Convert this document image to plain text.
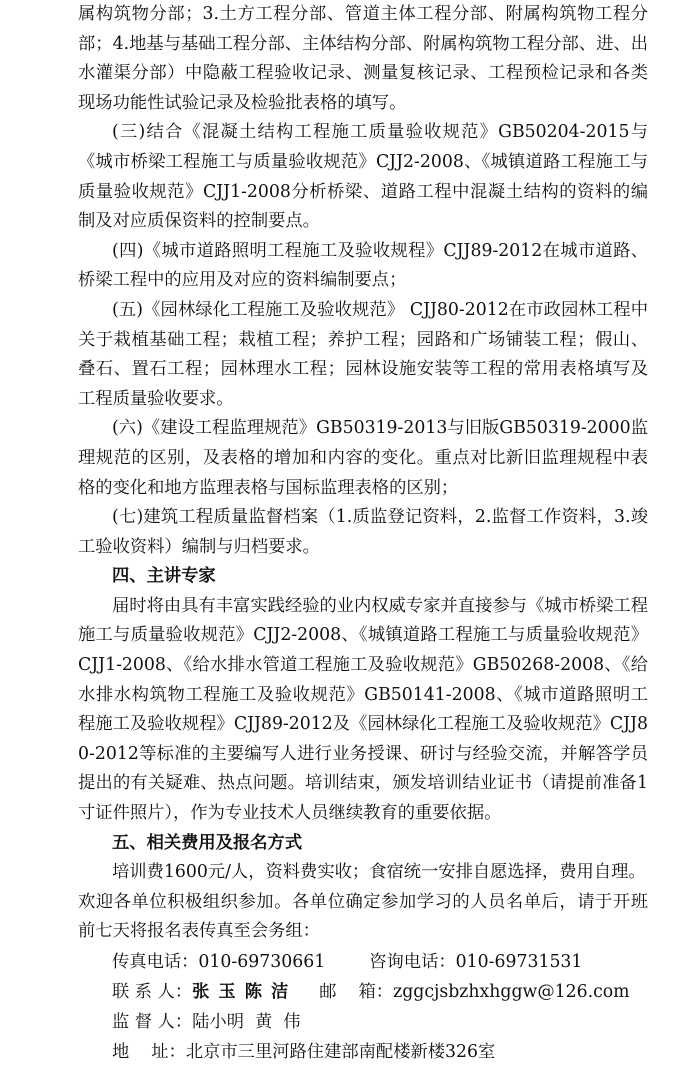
属构筑物分部；3.土方工程分部、管道主体工程分部、附属构筑物工程分部；4.地基与基础工程分部、主体结构分部、附属构筑物工程分部、进、出水灌渠分部）中隐蔽工程验收记录、测量复核记录、工程预检记录和各类现场功能性试验记录及检验批表格的填写。

(三)结合《混凝土结构工程施工质量验收规范》GB50204-2015与《城市桥梁工程施工与质量验收规范》CJJ2-2008、《城镇道路工程施工与质量验收规范》CJJ1-2008分析桥梁、道路工程中混凝土结构的资料的编制及对应质保资料的控制要点。

(四)《城市道路照明工程施工及验收规程》CJJ89-2012在城市道路、桥梁工程中的应用及对应的资料编制要点；

(五)《园林绿化工程施工及验收规范》 CJJ80-2012在市政园林工程中关于栽植基础工程；栽植工程；养护工程；园路和广场铺装工程；假山、叠石、置石工程；园林理水工程；园林设施安装等工程的常用表格填写及工程质量验收要求。

(六)《建设工程监理规范》GB50319-2013与旧版GB50319-2000监理规范的区别，及表格的增加和内容的变化。重点对比新旧监理规程中表格的变化和地方监理表格与国标监理表格的区别；

(七)建筑工程质量监督档案（1.质监登记资料，2.监督工作资料，3.竣工验收资料）编制与归档要求。

四、主讲专家

届时将由具有丰富实践经验的业内权威专家并直接参与《城市桥梁工程施工与质量验收规范》CJJ2-2008、《城镇道路工程施工与质量验收规范》CJJ1-2008、《给水排水管道工程施工及验收规范》GB50268-2008、《给水排水构筑物工程施工及验收规范》GB50141-2008、《城市道路照明工程施工及验收规程》CJJ89-2012及《园林绿化工程施工及验收规范》CJJ80-2012等标准的主要编写人进行业务授课、研讨与经验交流，并解答学员提出的有关疑难、热点问题。培训结束，颁发培训结业证书（请提前准备1寸证件照片），作为专业技术人员继续教育的重要依据。

五、相关费用及报名方式

培训费1600元/人，资料费实收；食宿统一安排自愿选择，费用自理。

欢迎各单位积极组织参加。各单位确定参加学习的人员名单后，请于开班前七天将报名表传真至会务组：

传真电话：010-69730661	咨询电话：010-69731531
联 系 人：张玉陈洁 邮    箱：zggcjsbzhxhggw@126.com
监 督 人：陆小明  黄  伟
地    址：北京市三里河路住建部南配楼新楼326室
